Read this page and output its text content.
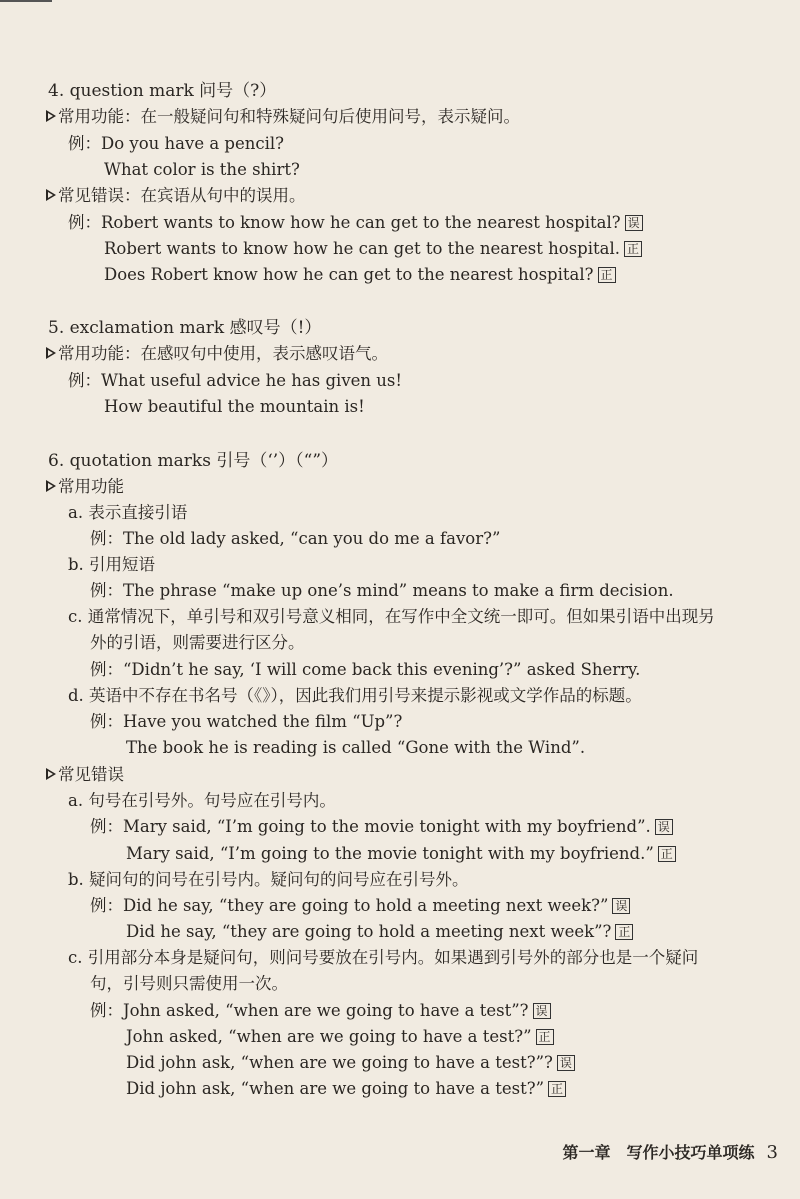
4. question mark 问号（?）
常用功能：在一般疑问句和特殊疑问句后使用问号，表示疑问。
例：Do you have a pencil?
What color is the shirt?
常见错误：在宾语从句中的误用。
例：Robert wants to know how he can get to the nearest hospital? 误
Robert wants to know how he can get to the nearest hospital. 正
Does Robert know how he can get to the nearest hospital? 正
5. exclamation mark 感叹号（!）
常用功能：在感叹句中使用，表示感叹语气。
例：What useful advice he has given us!
How beautiful the mountain is!
6. quotation marks 引号（‘’）（“”）
常用功能
a. 表示直接引语
例：The old lady asked, “can you do me a favor?”
b. 引用短语
例：The phrase “make up one’s mind” means to make a firm decision.
c. 通常情况下，单引号和双引号意义相同，在写作中全文统一即可。但如果引语中出现另
外的引语，则需要进行区分。
例：“Didn’t he say, ‘I will come back this evening’?” asked Sherry.
d. 英语中不存在书名号（《》），因此我们用引号来提示影视或文学作品的标题。
例：Have you watched the film “Up”?
The book he is reading is called “Gone with the Wind”.
常见错误
a. 句号在引号外。句号应在引号内。
例：Mary said, “I’m going to the movie tonight with my boyfriend”. 误
Mary said, “I’m going to the movie tonight with my boyfriend.” 正
b. 疑问句的问号在引号内。疑问句的问号应在引号外。
例：Did he say, “they are going to hold a meeting next week?” 误
Did he say, “they are going to hold a meeting next week”? 正
c. 引用部分本身是疑问句，则问号要放在引号内。如果遇到引号外的部分也是一个疑问
句，引号则只需使用一次。
例：John asked, “when are we going to have a test”? 误
John asked, “when are we going to have a test?” 正
Did john ask, “when are we going to have a test?”? 误
Did john ask, “when are we going to have a test?” 正
第一章　写作小技巧单项练 3
